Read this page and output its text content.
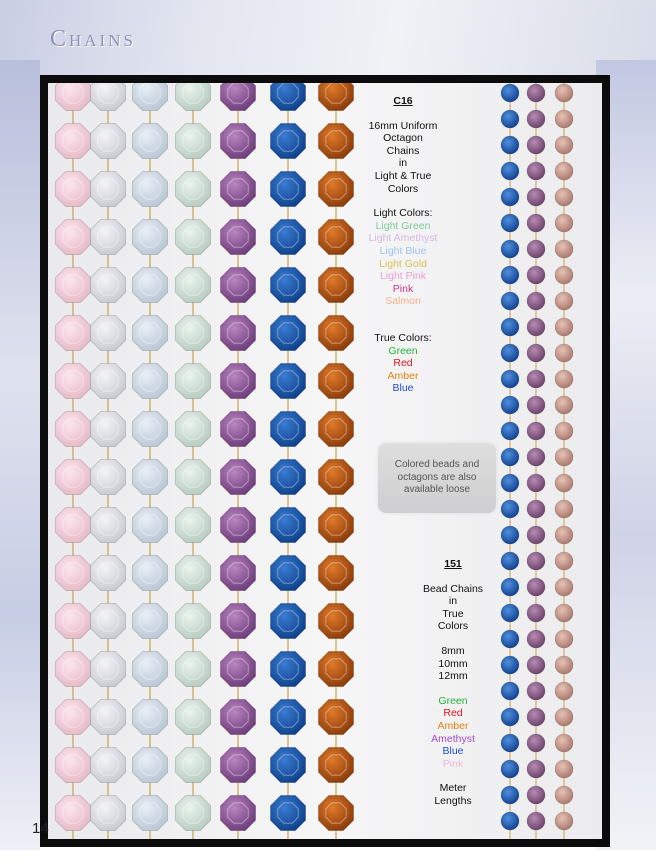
Chains
C16
16mm Uniform
Octagon
Chains
in
Light & True
Colors
Light Colors:
Light Green
Light Amethyst
Light Blue
Light Gold
Light Pink
Pink
Salmon
True Colors:
Green
Red
Amber
Blue
Colored beads and octagons are also available loose
151
Bead Chains
in
True
Colors
8mm
10mm
12mm
Green
Red
Amber
Amethyst
Blue
Pink
Meter
Lengths
14
